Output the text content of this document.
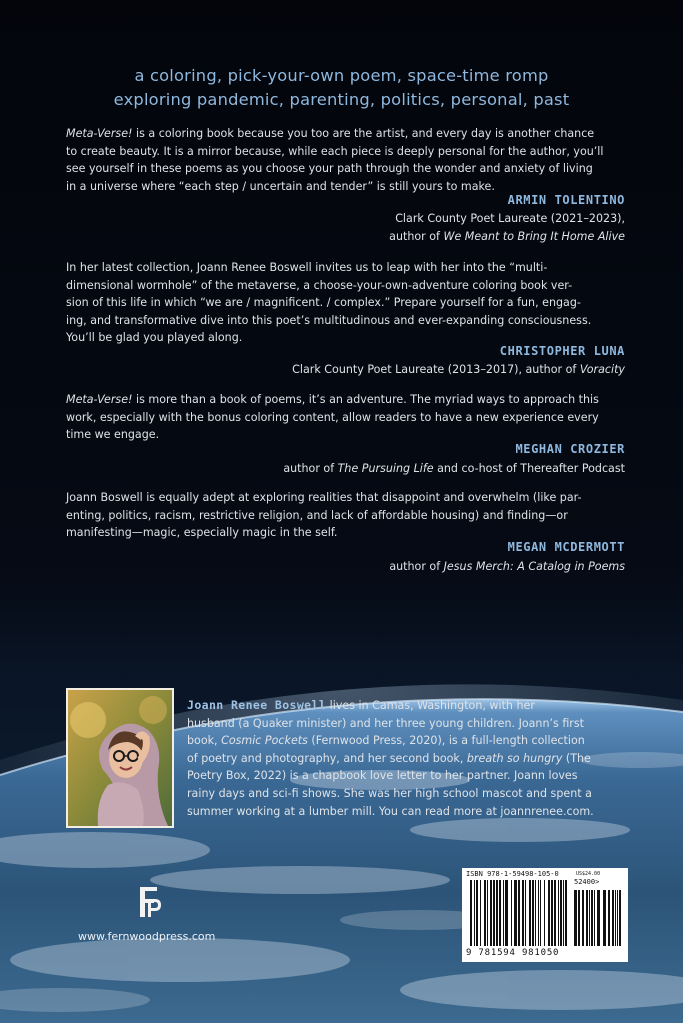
a coloring, pick-your-own poem, space-time romp
exploring pandemic, parenting, politics, personal, past
Meta-Verse! is a coloring book because you too are the artist, and every day is another chance
to create beauty. It is a mirror because, while each piece is deeply personal for the author, you’ll
see yourself in these poems as you choose your path through the wonder and anxiety of living
in a universe where “each step / uncertain and tender” is still yours to make.
ARMIN TOLENTINO
Clark County Poet Laureate (2021–2023),
author of We Meant to Bring It Home Alive
In her latest collection, Joann Renee Boswell invites us to leap with her into the “multi-
dimensional wormhole” of the metaverse, a choose-your-own-adventure coloring book ver-
sion of this life in which “we are / magnificent. / complex.” Prepare yourself for a fun, engag-
ing, and transformative dive into this poet’s multitudinous and ever-expanding consciousness.
You’ll be glad you played along.
CHRISTOPHER LUNA
Clark County Poet Laureate (2013–2017), author of Voracity
Meta-Verse! is more than a book of poems, it’s an adventure. The myriad ways to approach this
work, especially with the bonus coloring content, allow readers to have a new experience every
time we engage.
MEGHAN CROZIER
author of The Pursuing Life and co-host of Thereafter Podcast
Joann Boswell is equally adept at exploring realities that disappoint and overwhelm (like par-
enting, politics, racism, restrictive religion, and lack of affordable housing) and finding—or
manifesting—magic, especially magic in the self.
MEGAN MCDERMOTT
author of Jesus Merch: A Catalog in Poems
Joann Renee Boswell lives in Camas, Washington, with her
husband (a Quaker minister) and her three young children. Joann’s first
book, Cosmic Pockets (Fernwood Press, 2020), is a full-length collection
of poetry and photography, and her second book, breath so hungry (The
Poetry Box, 2022) is a chapbook love letter to her partner. Joann loves
rainy days and sci-fi shows. She was her high school mascot and spent a
summer working at a lumber mill. You can read more at joannrenee.com.
www.fernwoodpress.com
ISBN 978-1-59498-105-0	US$24.00
52400>
9 781594 981050
